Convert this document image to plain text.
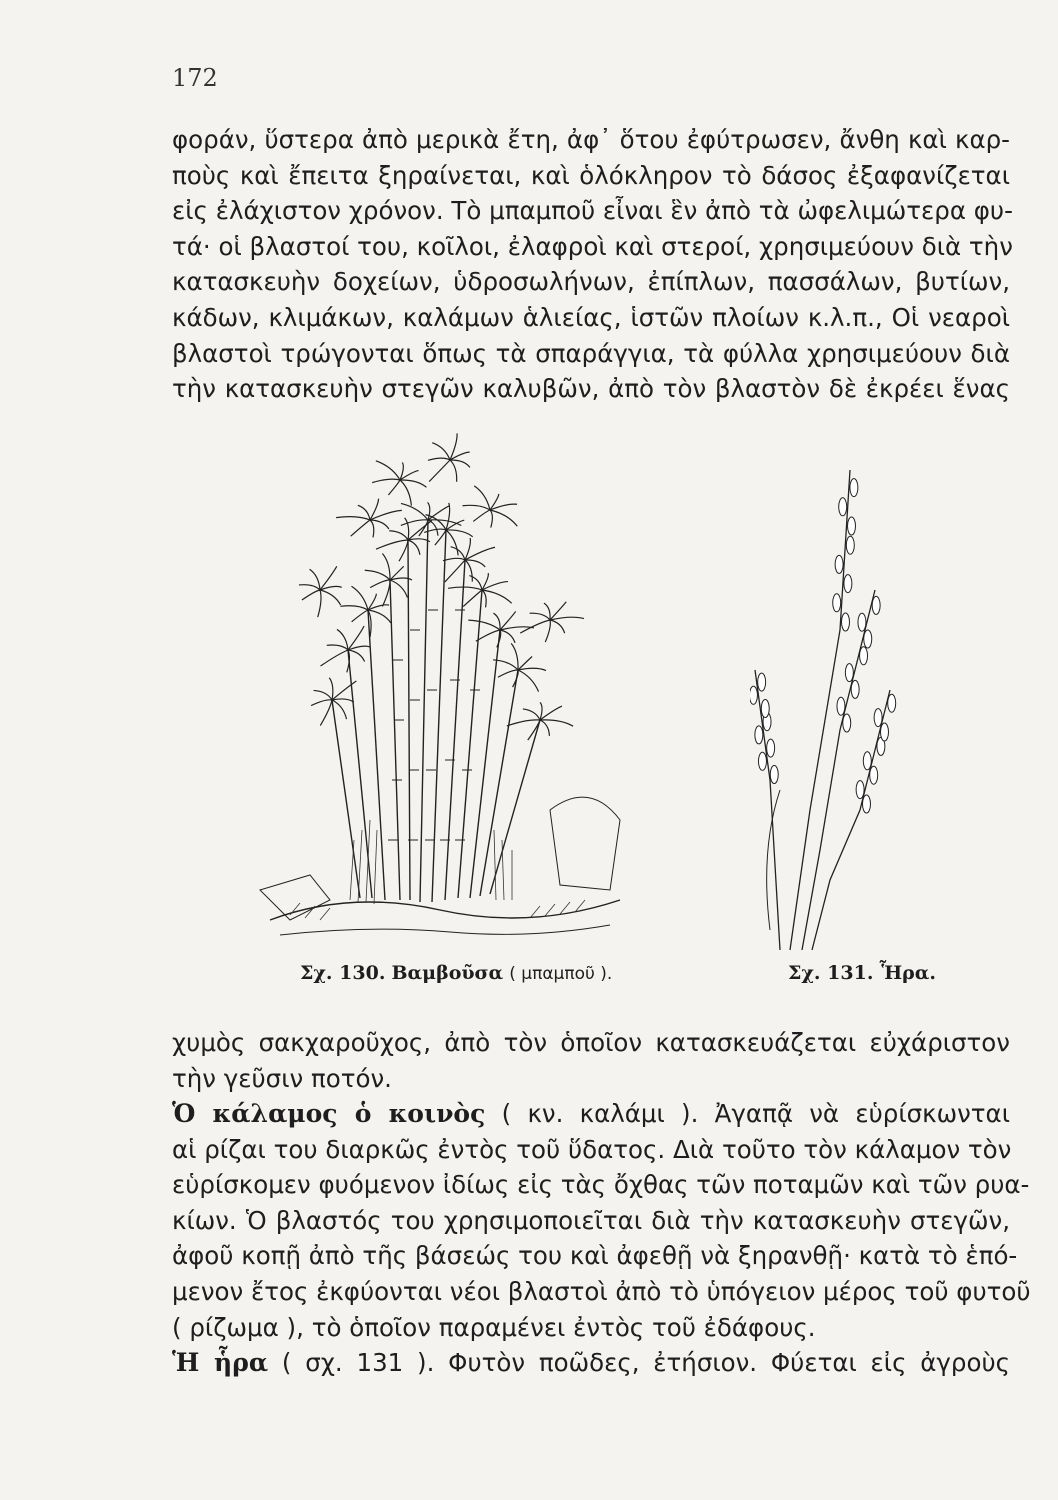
172
φοράν, ὕστερα ἀπὸ μερικὰ ἔτη, ἀφ᾽ ὅτου ἐφύτρωσεν, ἄνθη καὶ καρ-
ποὺς καὶ ἔπειτα ξηραίνεται, καὶ ὁλόκληρον τὸ δάσος ἐξαφανίζεται
εἰς ἐλάχιστον χρόνον. Τὸ μπαμποῦ εἶναι ἓν ἀπὸ τὰ ὠφελιμώτερα φυ-
τά· οἱ βλαστοί του, κοῖλοι, ἐλαφροὶ καὶ στεροί, χρησιμεύουν διὰ τὴν
κατασκευὴν δοχείων, ὑδροσωλήνων, ἐπίπλων, πασσάλων, βυτίων,
κάδων, κλιμάκων, καλάμων ἁλιείας, ἱστῶν πλοίων κ.λ.π., Οἱ νεαροὶ
βλαστοὶ τρώγονται ὅπως τὰ σπαράγγια, τὰ φύλλα χρησιμεύουν διὰ
τὴν κατασκευὴν στεγῶν καλυβῶν, ἀπὸ τὸν βλαστὸν δὲ ἐκρέει ἕνας
Σχ. 130. Βαμβοῦσα ( μπαμποῦ ).	Σχ. 131. Ἧρα.
χυμὸς σακχαροῦχος, ἀπὸ τὸν ὁποῖον κατασκευάζεται εὐχάριστον
τὴν γεῦσιν ποτόν.
Ὁ κάλαμος ὁ κοινὸς ( κν. καλάμι ). Ἀγαπᾷ νὰ εὑρίσκωνται
αἱ ρίζαι του διαρκῶς ἐντὸς τοῦ ὕδατος. Διὰ τοῦτο τὸν κάλαμον τὸν
εὑρίσκομεν φυόμενον ἰδίως εἰς τὰς ὄχθας τῶν ποταμῶν καὶ τῶν ρυα-
κίων. Ὁ βλαστός του χρησιμοποιεῖται διὰ τὴν κατασκευὴν στεγῶν,
ἀφοῦ κοπῇ ἀπὸ τῆς βάσεώς του καὶ ἀφεθῇ νὰ ξηρανθῇ· κατὰ τὸ ἑπό-
μενον ἔτος ἐκφύονται νέοι βλαστοὶ ἀπὸ τὸ ὑπόγειον μέρος τοῦ φυτοῦ
( ρίζωμα ), τὸ ὁποῖον παραμένει ἐντὸς τοῦ ἐδάφους.
Ἡ ἧρα ( σχ. 131 ). Φυτὸν ποῶδες, ἐτήσιον. Φύεται εἰς ἀγροὺς
